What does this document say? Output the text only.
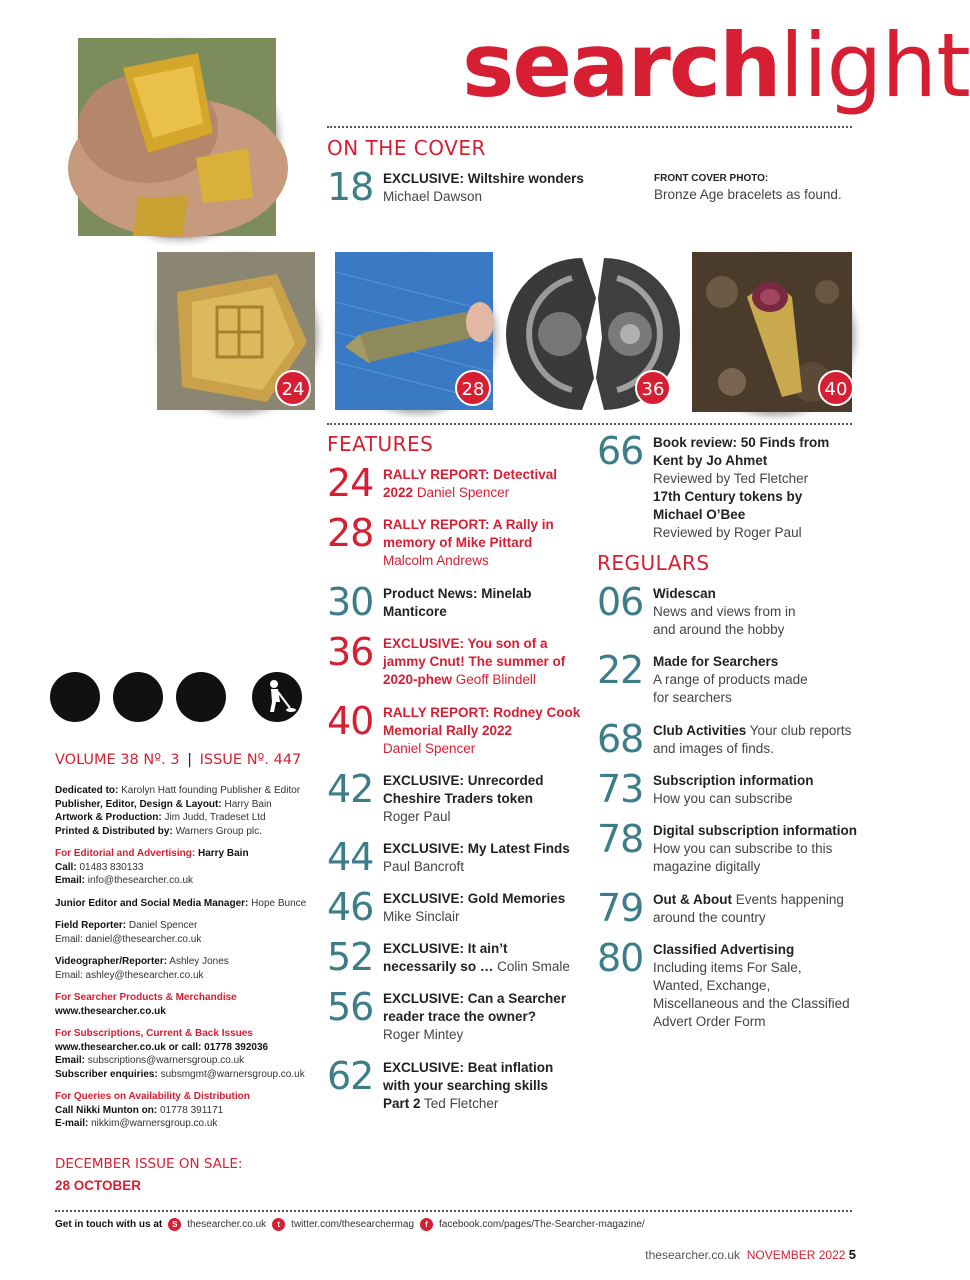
searchlight
ON THE COVER
18 EXCLUSIVE: Wiltshire wonders
Michael Dawson
FRONT COVER PHOTO:
Bronze Age bracelets as found.
24	28	36	40
FEATURES
24 RALLY REPORT: Detectival 2022 Daniel Spencer
28 RALLY REPORT: A Rally in memory of Mike Pittard
Malcolm Andrews
30 Product News: Minelab Manticore
36 EXCLUSIVE: You son of a jammy Cnut! The summer of 2020-phew Geoff Blindell
40 RALLY REPORT: Rodney Cook Memorial Rally 2022
Daniel Spencer
42 EXCLUSIVE: Unrecorded Cheshire Traders token
Roger Paul
44 EXCLUSIVE: My Latest Finds
Paul Bancroft
46 EXCLUSIVE: Gold Memories
Mike Sinclair
52 EXCLUSIVE: It ain’t necessarily so … Colin Smale
56 EXCLUSIVE: Can a Searcher reader trace the owner?
Roger Mintey
62 EXCLUSIVE: Beat inflation with your searching skills Part 2 Ted Fletcher
66 Book review: 50 Finds from Kent by Jo Ahmet
Reviewed by Ted Fletcher
17th Century tokens by Michael O’Bee
Reviewed by Roger Paul
REGULARS
06 Widescan
News and views from in and around the hobby
22 Made for Searchers
A range of products made for searchers
68 Club Activities Your club reports and images of finds.
73 Subscription information
How you can subscribe
78 Digital subscription information How you can subscribe to this magazine digitally
79 Out & About Events happening around the country
80 Classified Advertising
Including items For Sale, Wanted, Exchange, Miscellaneous and the Classified Advert Order Form
VOLUME 38 Nº. 3 | ISSUE Nº. 447

Dedicated to: Karolyn Hatt founding Publisher & Editor
Publisher, Editor, Design & Layout: Harry Bain
Artwork & Production: Jim Judd, Tradeset Ltd
Printed & Distributed by: Warners Group plc.

For Editorial and Advertising: Harry Bain
Call: 01483 830133
Email: info@thesearcher.co.uk

Junior Editor and Social Media Manager: Hope Bunce

Field Reporter: Daniel Spencer
Email: daniel@thesearcher.co.uk

Videographer/Reporter: Ashley Jones
Email: ashley@thesearcher.co.uk

For Searcher Products & Merchandise
www.thesearcher.co.uk

For Subscriptions, Current & Back Issues
www.thesearcher.co.uk or call: 01778 392036
Email: subscriptions@warnersgroup.co.uk
Subscriber enquiries: subsmgmt@warnersgroup.co.uk

For Queries on Availability & Distribution
Call Nikki Munton on: 01778 391171
E-mail: nikkim@warnersgroup.co.uk

DECEMBER ISSUE ON SALE:
28 OCTOBER
Get in touch with us at	S thesearcher.co.uk	t	twitter.com/thesearchermag	f	facebook.com/pages/The-Searcher-magazine/
thesearcher.co.uk NOVEMBER 2022 5
